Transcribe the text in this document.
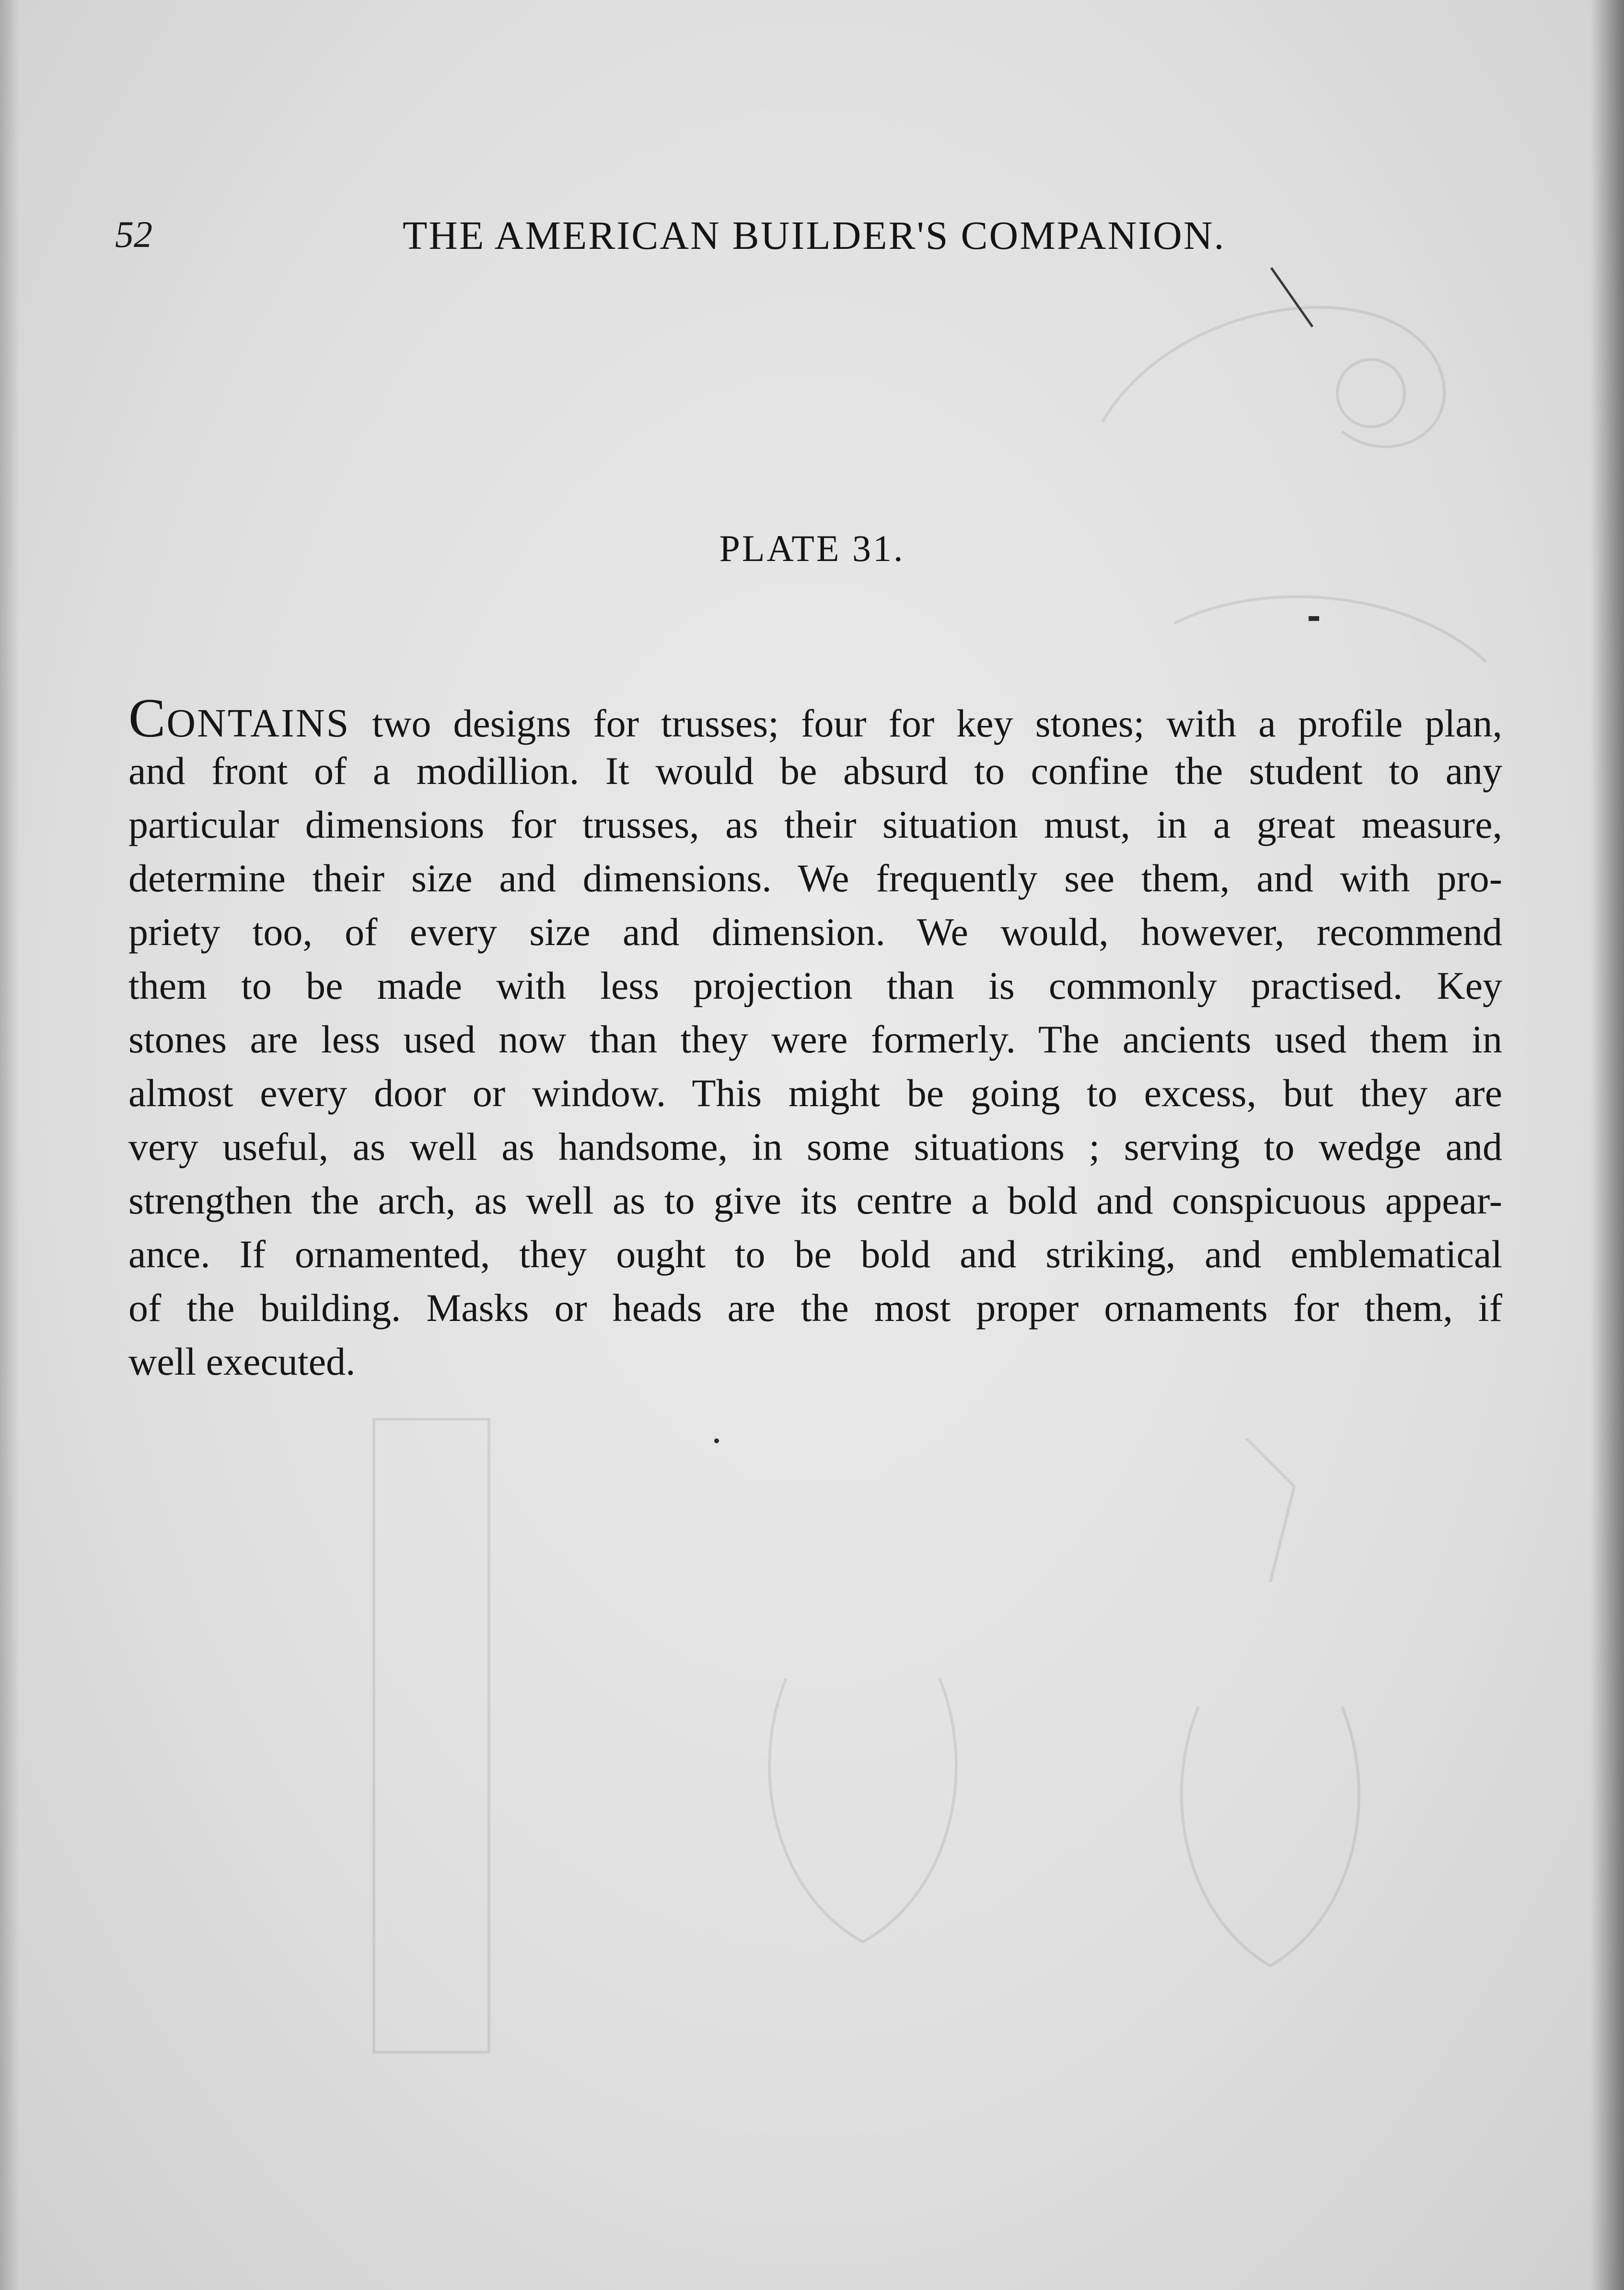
52	THE AMERICAN BUILDER'S COMPANION.
PLATE 31.
CONTAINS two designs for trusses; four for key stones; with a profile plan,
and front of a modillion. It would be absurd to confine the student to any
particular dimensions for trusses, as their situation must, in a great measure,
determine their size and dimensions. We frequently see them, and with pro-
priety too, of every size and dimension. We would, however, recommend
them to be made with less projection than is commonly practised. Key
stones are less used now than they were formerly. The ancients used them in
almost every door or window. This might be going to excess, but they are
very useful, as well as handsome, in some situations ; serving to wedge and
strengthen the arch, as well as to give its centre a bold and conspicuous appear-
ance. If ornamented, they ought to be bold and striking, and emblematical
of the building. Masks or heads are the most proper ornaments for them, if
well executed.
